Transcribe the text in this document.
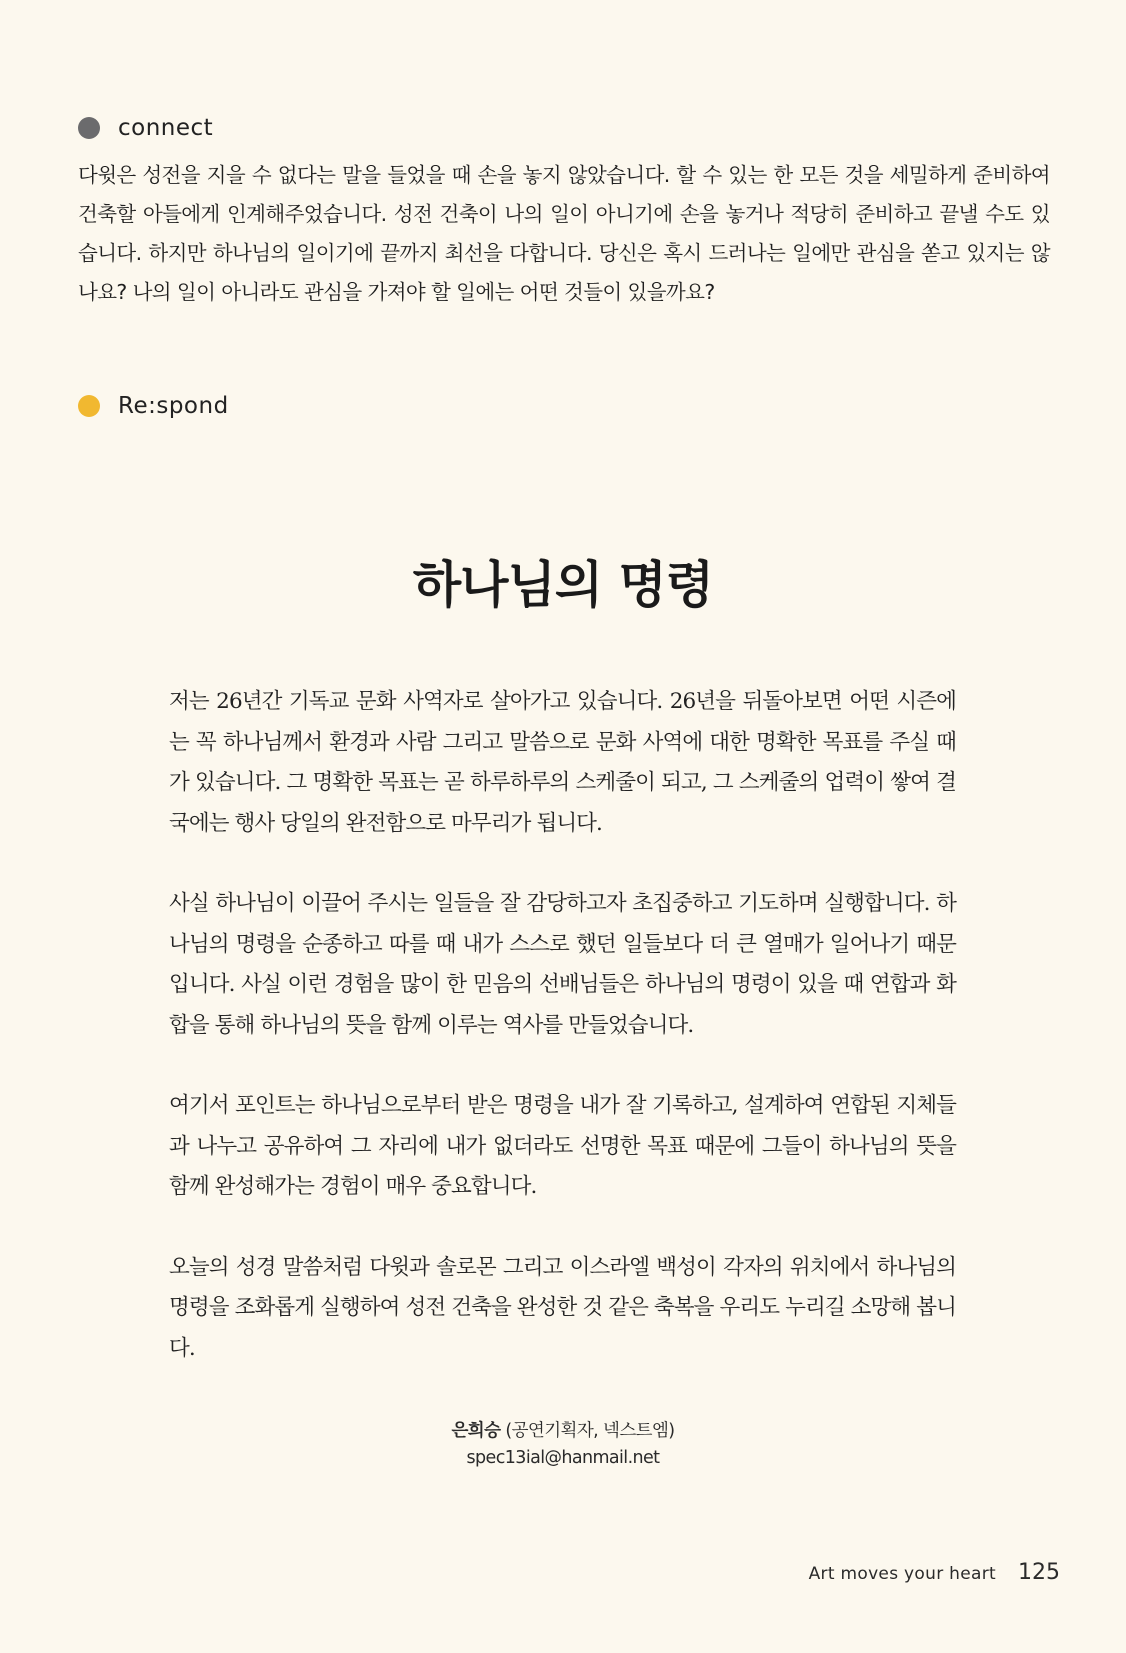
connect

다윗은 성전을 지을 수 없다는 말을 들었을 때 손을 놓지 않았습니다. 할 수 있는 한 모든 것을 세밀하게 준비하여 건축할 아들에게 인계해주었습니다. 성전 건축이 나의 일이 아니기에 손을 놓거나 적당히 준비하고 끝낼 수도 있습니다. 하지만 하나님의 일이기에 끝까지 최선을 다합니다. 당신은 혹시 드러나는 일에만 관심을 쏟고 있지는 않나요? 나의 일이 아니라도 관심을 가져야 할 일에는 어떤 것들이 있을까요?

Re:spond
하나님의 명령

저는 26년간 기독교 문화 사역자로 살아가고 있습니다. 26년을 뒤돌아보면 어떤 시즌에는 꼭 하나님께서 환경과 사람 그리고 말씀으로 문화 사역에 대한 명확한 목표를 주실 때가 있습니다. 그 명확한 목표는 곧 하루하루의 스케줄이 되고, 그 스케줄의 업력이 쌓여 결국에는 행사 당일의 완전함으로 마무리가 됩니다.

사실 하나님이 이끌어 주시는 일들을 잘 감당하고자 초집중하고 기도하며 실행합니다. 하나님의 명령을 순종하고 따를 때 내가 스스로 했던 일들보다 더 큰 열매가 일어나기 때문입니다. 사실 이런 경험을 많이 한 믿음의 선배님들은 하나님의 명령이 있을 때 연합과 화합을 통해 하나님의 뜻을 함께 이루는 역사를 만들었습니다.

여기서 포인트는 하나님으로부터 받은 명령을 내가 잘 기록하고, 설계하여 연합된 지체들과 나누고 공유하여 그 자리에 내가 없더라도 선명한 목표 때문에 그들이 하나님의 뜻을 함께 완성해가는 경험이 매우 중요합니다.

오늘의 성경 말씀처럼 다윗과 솔로몬 그리고 이스라엘 백성이 각자의 위치에서 하나님의 명령을 조화롭게 실행하여 성전 건축을 완성한 것 같은 축복을 우리도 누리길 소망해 봅니다.

은희승 (공연기획자, 넥스트엠)
spec13ial@hanmail.net
Art moves your heart 125
